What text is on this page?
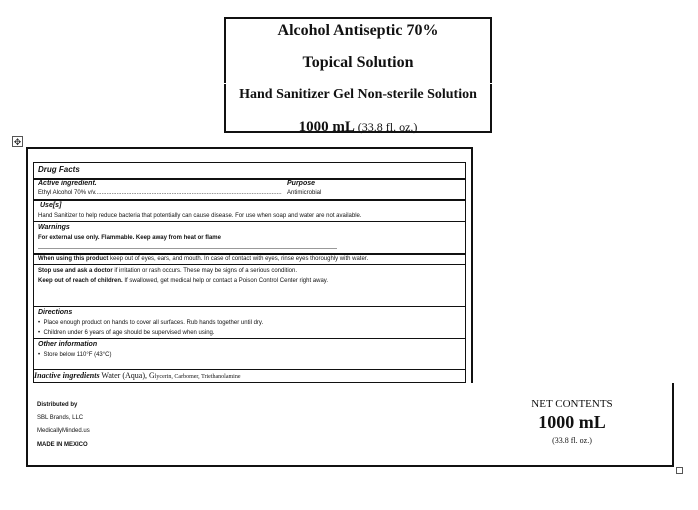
Alcohol Antiseptic 70%
Topical Solution
Hand Sanitizer Gel Non-sterile Solution
1000 mL (33.8 fl. oz.)
✥
Drug Facts
Active ingredient.	Purpose
Ethyl Alcohol 70% v/v................................................................................................................ Antimicrobial
Use[s]
Hand Sanitizer to help reduce bacteria that potentially can cause disease. For use when soap and water are not available.
Warnings
For external use only. Flammable. Keep away from heat or flame
When using this product keep out of eyes, ears, and mouth. In case of contact with eyes, rinse eyes thoroughly with water.
Stop use and ask a doctor if irritation or rash occurs. These may be signs of a serious condition.
Keep out of reach of children. If swallowed, get medical help or contact a Poison Control Center right away.
Directions
•  Place enough product on hands to cover all surfaces. Rub hands together until dry.
•  Children under 6 years of age should be supervised when using.
Other information
•  Store below 110°F (43°C)
Inactive ingredients Water (Aqua), Glycerin, Carbomer, Triethanolamine
Distributed by
SBL Brands, LLC
MedicallyMinded.us
MADE IN MEXICO
NET CONTENTS
1000 mL
(33.8 fl. oz.)
